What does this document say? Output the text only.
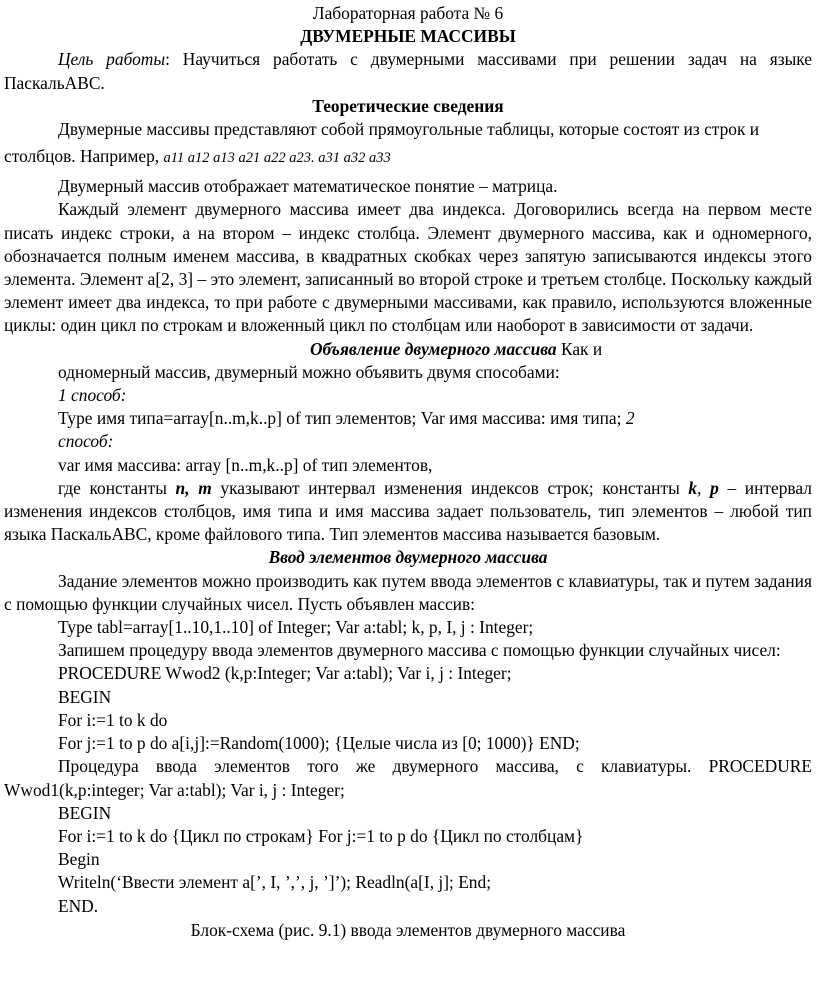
Лабораторная работа № 6
ДВУМЕРНЫЕ МАССИВЫ

Цель работы: Научиться работать с двумерными массивами при решении задач на языке ПаскальАВС.

Теоретические сведения

Двумерные массивы представляют собой прямоугольные таблицы, которые состоят из строк и

столбцов. Например, a11 a12 a13 a21 a22 a23. a31 a32 a33

Двумерный массив отображает математическое понятие – матрица.

Каждый элемент двумерного массива имеет два индекса. Договорились всегда на первом месте писать индекс строки, а на втором – индекс столбца. Элемент двумерного массива, как и одномерного, обозначается полным именем массива, в квадратных скобках через запятую записываются индексы этого элемента. Элемент a[2, 3] – это элемент, записанный во второй строке и третьем столбце. Поскольку каждый элемент имеет два индекса, то при работе с двумерными массивами, как правило, используются вложенные циклы: один цикл по строкам и вложенный цикл по столбцам или наоборот в зависимости от задачи.

Объявление двумерного массива Как и
одномерный массив, двумерный можно объявить двумя способами:
1 способ:
Type имя типа=array[n..m,k..p] of тип элементов; Var имя массива: имя типа; 2
способ:
var имя массива: array [n..m,k..p] of тип элементов,

где константы n, m указывают интервал изменения индексов строк; константы k, p – интервал изменения индексов столбцов, имя типа и имя массива задает пользователь, тип элементов – любой тип языка ПаскальАВС, кроме файлового типа. Тип элементов массива называется базовым.

Ввод элементов двумерного массива

Задание элементов можно производить как путем ввода элементов с клавиатуры, так и путем задания с помощью функции случайных чисел. Пусть объявлен массив:

Type tabl=array[1..10,1..10] of Integer; Var a:tabl; k, p, I, j : Integer;
Запишем процедуру ввода элементов двумерного массива с помощью функции случайных чисел:
PROCEDURE Wwod2 (k,p:Integer; Var a:tabl); Var i, j : Integer;
BEGIN
For i:=1 to k do
For j:=1 to p do a[i,j]:=Random(1000); {Целые числа из [0; 1000)} END;

Процедура ввода элементов того же двумерного массива, с клавиатуры. PROCEDURE Wwod1(k,p:integer; Var a:tabl); Var i, j : Integer;

BEGIN
For i:=1 to k do {Цикл по строкам} For j:=1 to p do {Цикл по столбцам}
Begin
Writeln(‘Ввести элемент a[’, I, ’,’, j, ’]’); Readln(a[I, j]; End;
END.
Блок-схема (рис. 9.1) ввода элементов двумерного массива
